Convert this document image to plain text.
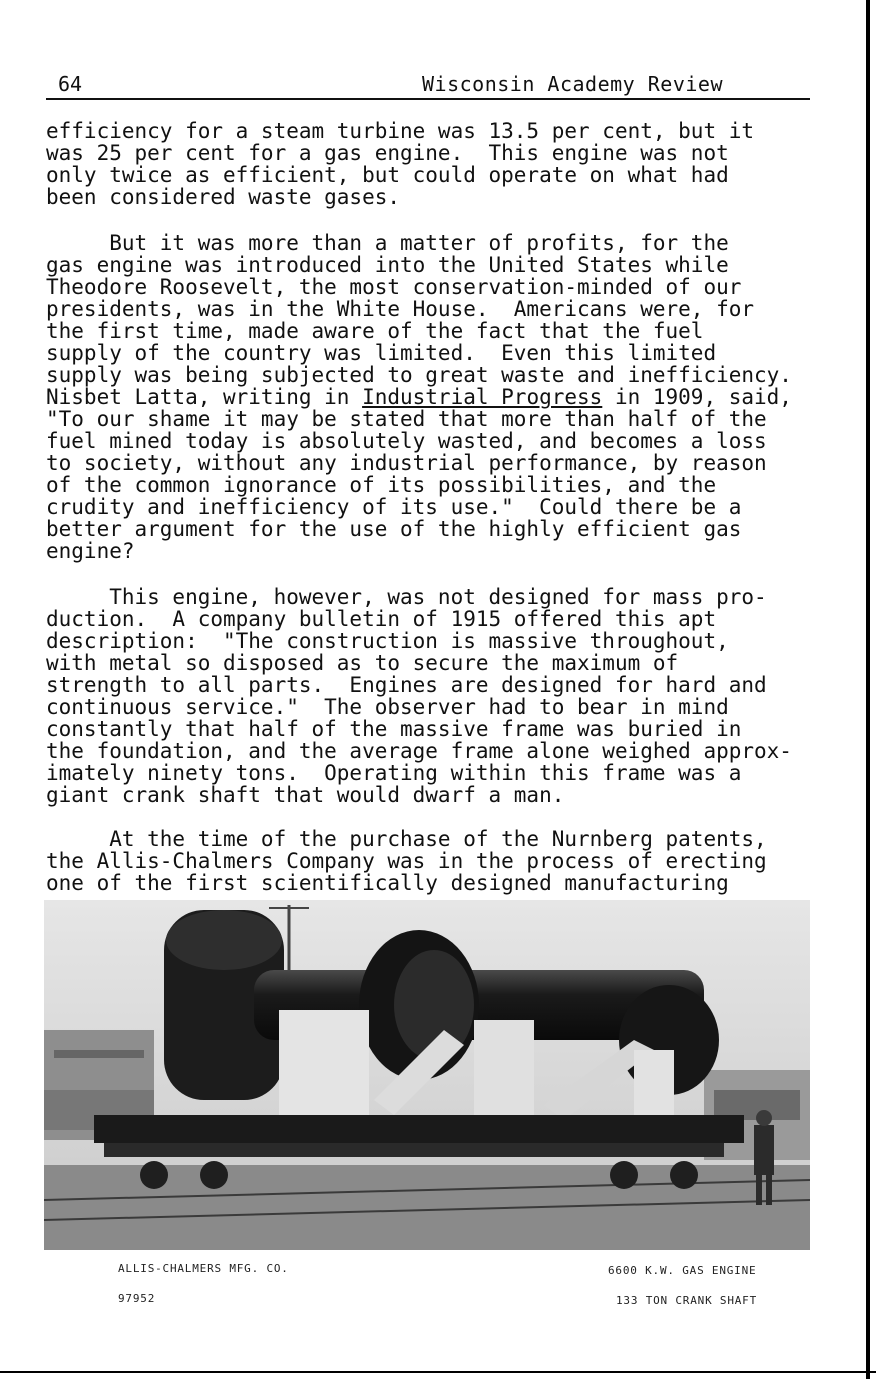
64	Wisconsin Academy Review
efficiency for a steam turbine was 13.5 per cent, but it
was 25 per cent for a gas engine.  This engine was not
only twice as efficient, but could operate on what had
been considered waste gases.
But it was more than a matter of profits, for the
gas engine was introduced into the United States while
Theodore Roosevelt, the most conservation-minded of our
presidents, was in the White House.  Americans were, for
the first time, made aware of the fact that the fuel
supply of the country was limited.  Even this limited
supply was being subjected to great waste and inefficiency.
Nisbet Latta, writing in Industrial Progress in 1909, said,
"To our shame it may be stated that more than half of the
fuel mined today is absolutely wasted, and becomes a loss
to society, without any industrial performance, by reason
of the common ignorance of its possibilities, and the
crudity and inefficiency of its use."  Could there be a
better argument for the use of the highly efficient gas
engine?
This engine, however, was not designed for mass pro-
duction.  A company bulletin of 1915 offered this apt
description:  "The construction is massive throughout,
with metal so disposed as to secure the maximum of
strength to all parts.  Engines are designed for hard and
continuous service."  The observer had to bear in mind
constantly that half of the massive frame was buried in
the foundation, and the average frame alone weighed approx-
imately ninety tons.  Operating within this frame was a
giant crank shaft that would dwarf a man.
At the time of the purchase of the Nurnberg patents,
the Allis-Chalmers Company was in the process of erecting
one of the first scientifically designed manufacturing
ALLIS-CHALMERS MFG. CO.
97952
6600 K.W. GAS ENGINE
133 TON CRANK SHAFT
